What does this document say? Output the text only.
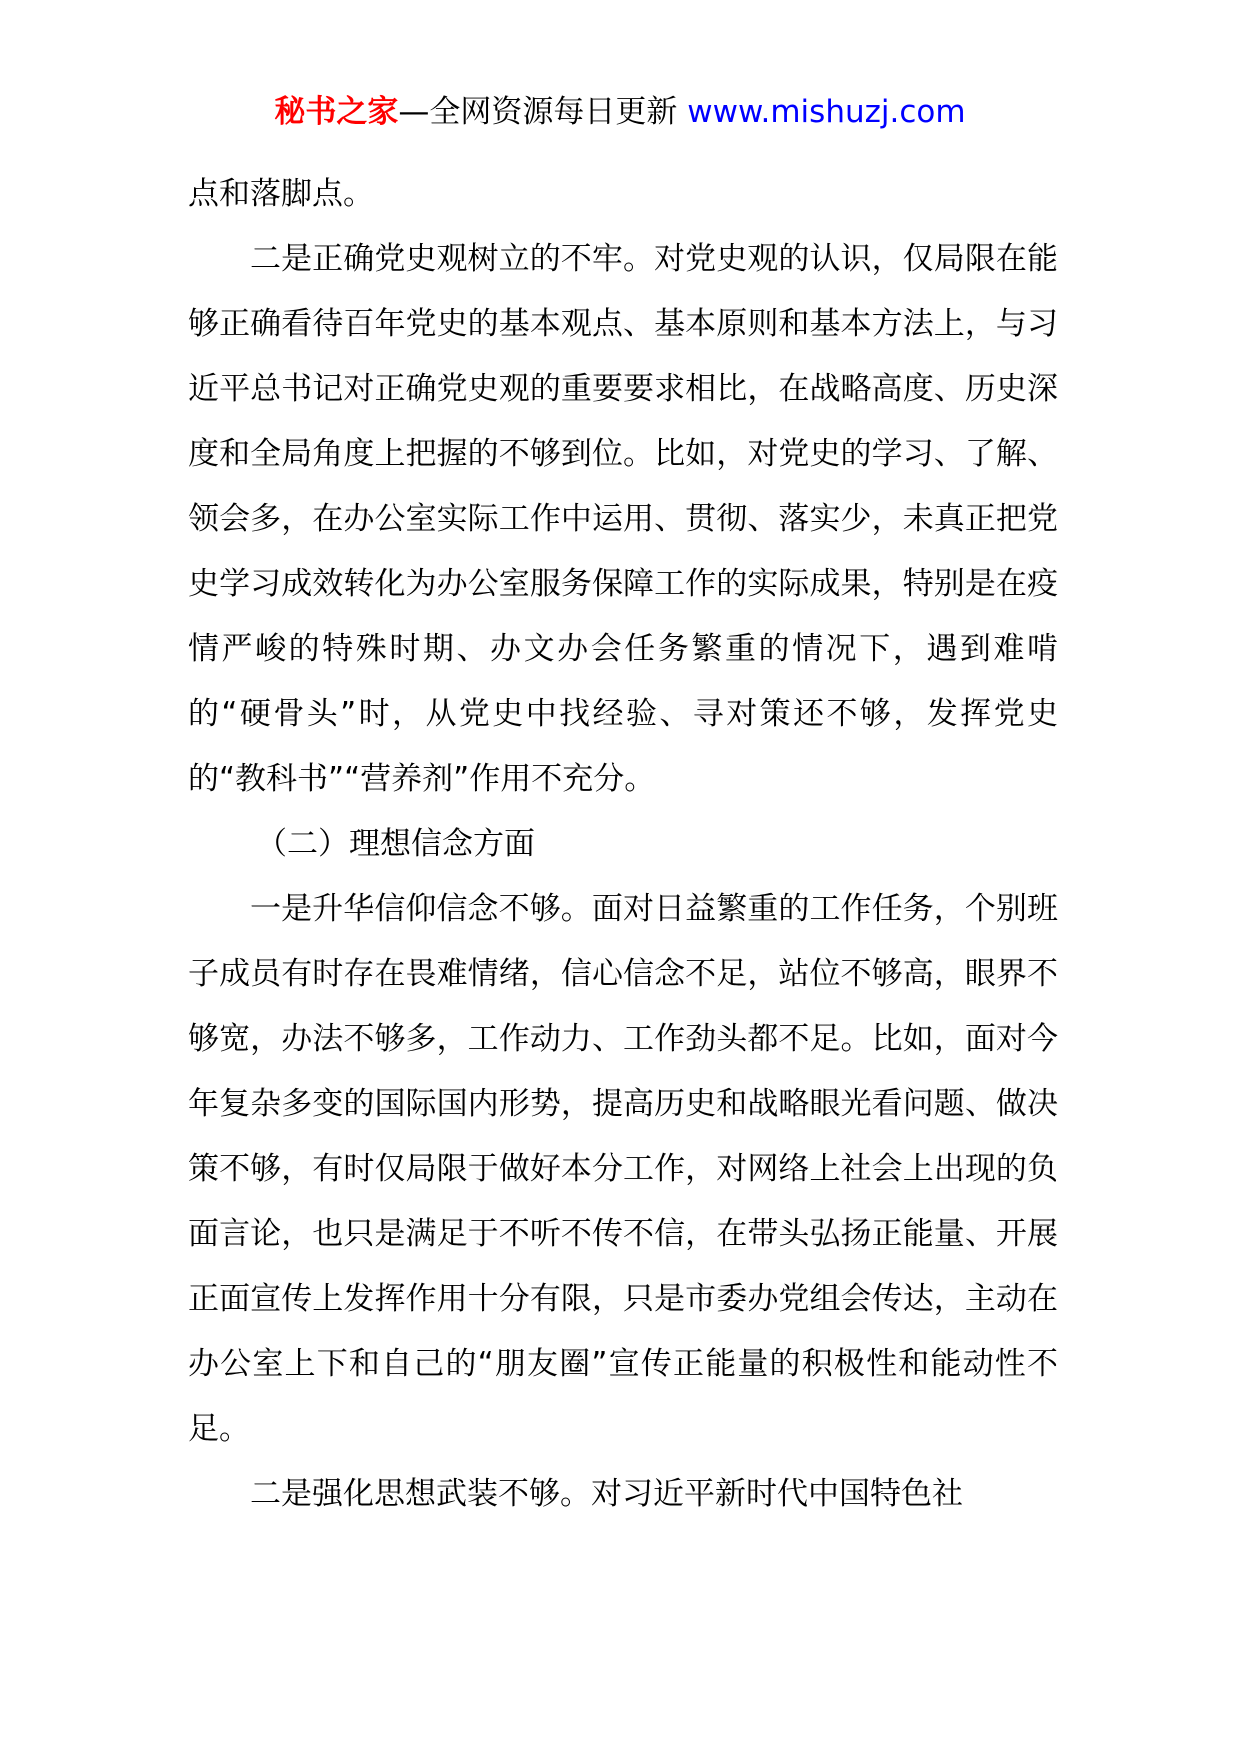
秘书之家—全网资源每日更新 www.mishuzj.com

点和落脚点。

二是正确党史观树立的不牢。对党史观的认识，仅局限在能够正确看待百年党史的基本观点、基本原则和基本方法上，与习近平总书记对正确党史观的重要要求相比，在战略高度、历史深度和全局角度上把握的不够到位。比如，对党史的学习、了解、领会多，在办公室实际工作中运用、贯彻、落实少，未真正把党史学习成效转化为办公室服务保障工作的实际成果，特别是在疫情严峻的特殊时期、办文办会任务繁重的情况下，遇到难啃的“硬骨头”时，从党史中找经验、寻对策还不够，发挥党史的“教科书”“营养剂”作用不充分。

（二）理想信念方面

一是升华信仰信念不够。面对日益繁重的工作任务，个别班子成员有时存在畏难情绪，信心信念不足，站位不够高，眼界不够宽，办法不够多，工作动力、工作劲头都不足。比如，面对今年复杂多变的国际国内形势，提高历史和战略眼光看问题、做决策不够，有时仅局限于做好本分工作，对网络上社会上出现的负面言论，也只是满足于不听不传不信，在带头弘扬正能量、开展正面宣传上发挥作用十分有限，只是市委办党组会传达，主动在办公室上下和自己的“朋友圈”宣传正能量的积极性和能动性不足。

二是强化思想武装不够。对习近平新时代中国特色社
